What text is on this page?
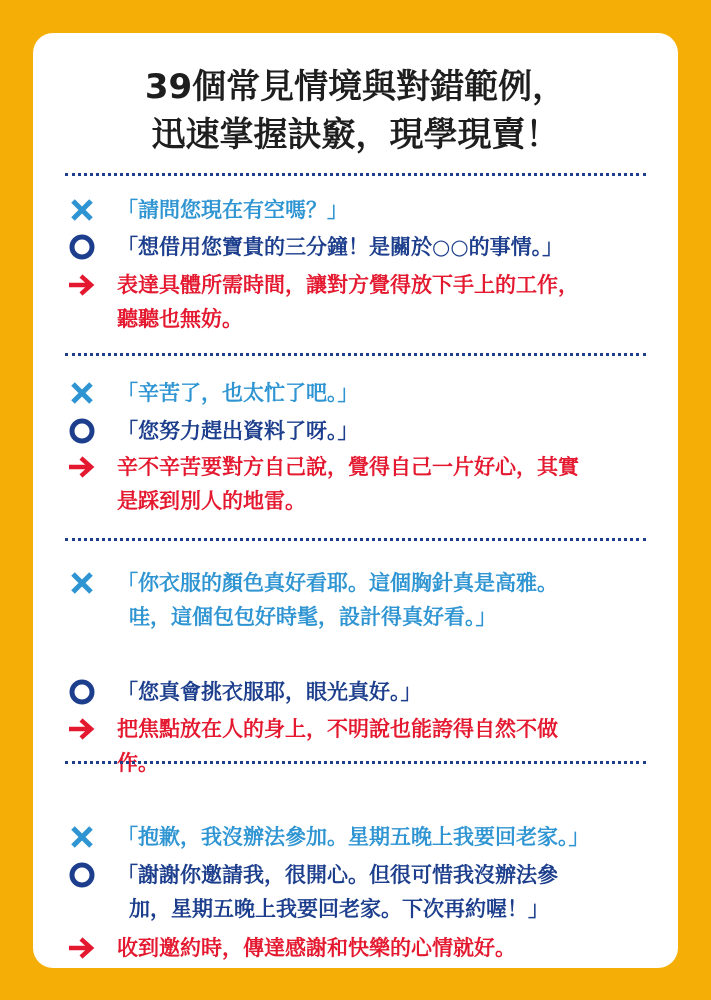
39個常見情境與對錯範例，
迅速掌握訣竅，現學現賣！
「請問您現在有空嗎？」
「想借用您寶貴的三分鐘！是關於○○的事情。」
表達具體所需時間，讓對方覺得放下手上的工作，
聽聽也無妨。
「辛苦了，也太忙了吧。」
「您努力趕出資料了呀。」
辛不辛苦要對方自己說，覺得自己一片好心，其實
是踩到別人的地雷。
「你衣服的顏色真好看耶。這個胸針真是高雅。
哇，這個包包好時髦，設計得真好看。」
「您真會挑衣服耶，眼光真好。」
把焦點放在人的身上，不明說也能誇得自然不做
作。
「抱歉，我沒辦法參加。星期五晚上我要回老家。」
「謝謝你邀請我，很開心。但很可惜我沒辦法參
加，星期五晚上我要回老家。下次再約喔！」
收到邀約時，傳達感謝和快樂的心情就好。
